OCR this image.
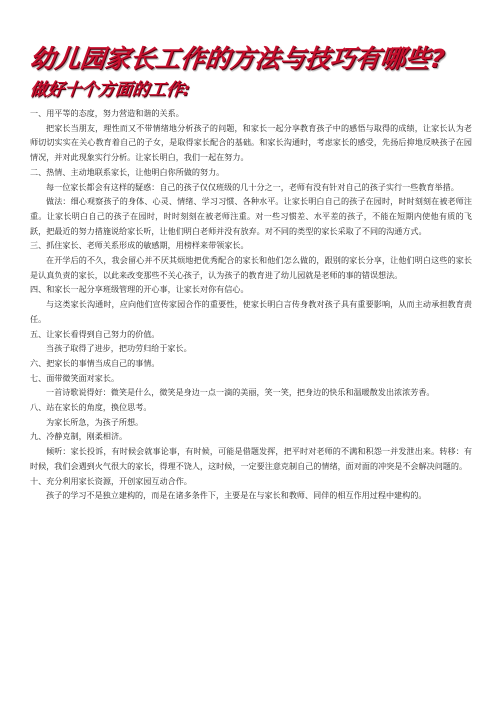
幼儿园家长工作的方法与技巧有哪些?
做好十个方面的工作:

一、用平等的态度，努力营造和谐的关系。

把家长当朋友，理性而又不带情绪地分析孩子的问题，和家长一起分享教育孩子中的感悟与取得的成绩，让家长认为老师切切实实在关心教育着自己的子女，是取得家长配合的基础。和家长沟通时，考虑家长的感受，先扬后抑地反映孩子在园情况，并对此现象实行分析。让家长明白，我们一起在努力。

二、热情、主动地联系家长，让他明白你所做的努力。

每一位家长都会有这样的疑惑：自己的孩子仅仅班级的几十分之一，老师有没有针对自己的孩子实行一些教育举措。

做法：细心观察孩子的身体、心灵、情绪、学习习惯、各种水平。让家长明白自己的孩子在园时，时时刻刻在被老师注重。让家长明白自己的孩子在园时，时时刻刻在被老师注重。对一些习惯差、水平差的孩子，不能在短期内使他有质的飞跃，把最近的努力措施说给家长听，让他们明白老师并没有放弃。对不同的类型的家长采取了不同的沟通方式。

三、抓住家长、老师关系形成的敏感期，用榜样来带领家长。

在开学后的不久，我会留心并不厌其烦地把优秀配合的家长和他们怎么做的，跟别的家长分享，让他们明白这些的家长是认真负责的家长，以此来改变那些不关心孩子，认为孩子的教育进了幼儿园就是老师的事的错误想法。

四、和家长一起分享班级管理的开心事，让家长对你有信心。

与这类家长沟通时，应向他们宣传家园合作的重要性，使家长明白言传身教对孩子具有重要影响，从而主动承担教育责任。

五、让家长看得到自己努力的价值。

当孩子取得了进步，把功劳归给于家长。

六、把家长的事情当成自己的事情。

七、面带微笑面对家长。

一首诗歌说得好：微笑是什么，微笑是身边一点一滴的美丽，笑一笑，把身边的快乐和温暖散发出浓浓芳香。

八、站在家长的角度，换位思考。

为家长所急，为孩子所想。

九、冷静克制，刚柔相济。

倾听：家长投诉，有时候会就事论事，有时候，可能是借题发挥，把平时对老师的不满和积怨一并发泄出来。转移：有时候，我们会遇到火气很大的家长，得理不饶人，这时候，一定要注意克制自己的情绪，面对面的冲突是不会解决问题的。

十、充分利用家长资源，开创家园互动合作。

孩子的学习不是独立建构的，而是在诸多条件下，主要是在与家长和教师、同伴的相互作用过程中建构的。
